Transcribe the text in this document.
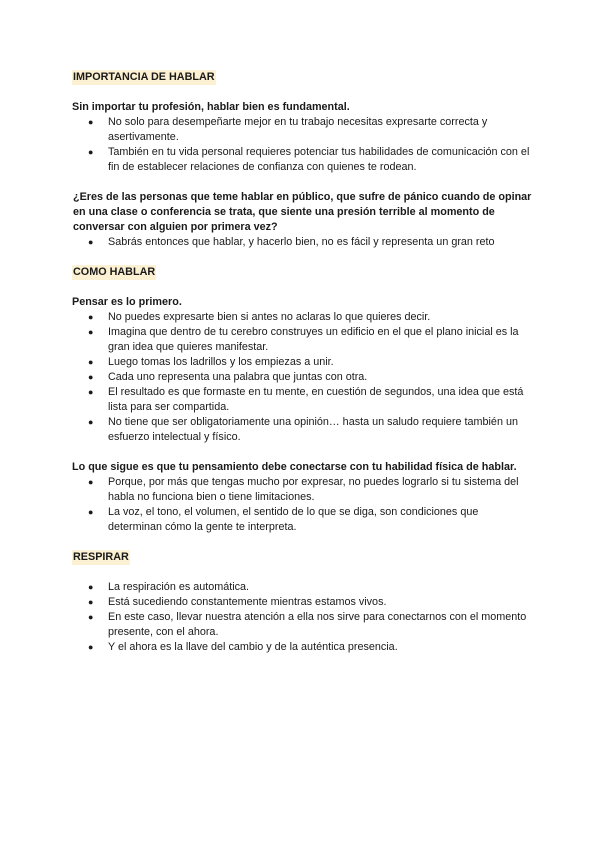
IMPORTANCIA DE HABLAR

Sin importar tu profesión, hablar bien es fundamental.

● No solo para desempeñarte mejor en tu trabajo necesitas expresarte correcta y asertivamente.
● También en tu vida personal requieres potenciar tus habilidades de comunicación con el fin de establecer relaciones de confianza con quienes te rodean.

¿Eres de las personas que teme hablar en público, que sufre de pánico cuando de opinar en una clase o conferencia se trata, que siente una presión terrible al momento de conversar con alguien por primera vez?

● Sabrás entonces que hablar, y hacerlo bien, no es fácil y representa un gran reto

COMO HABLAR

Pensar es lo primero.

● No puedes expresarte bien si antes no aclaras lo que quieres decir.
● Imagina que dentro de tu cerebro construyes un edificio en el que el plano inicial es la gran idea que quieres manifestar.
● Luego tomas los ladrillos y los empiezas a unir.
● Cada uno representa una palabra que juntas con otra.
● El resultado es que formaste en tu mente, en cuestión de segundos, una idea que está lista para ser compartida.
● No tiene que ser obligatoriamente una opinión… hasta un saludo requiere también un esfuerzo intelectual y físico.

Lo que sigue es que tu pensamiento debe conectarse con tu habilidad física de hablar.

● Porque, por más que tengas mucho por expresar, no puedes lograrlo si tu sistema del habla no funciona bien o tiene limitaciones.
● La voz, el tono, el volumen, el sentido de lo que se diga, son condiciones que determinan cómo la gente te interpreta.

RESPIRAR

● La respiración es automática.
● Está sucediendo constantemente mientras estamos vivos.
● En este caso, llevar nuestra atención a ella nos sirve para conectarnos con el momento presente, con el ahora.
● Y el ahora es la llave del cambio y de la auténtica presencia.
